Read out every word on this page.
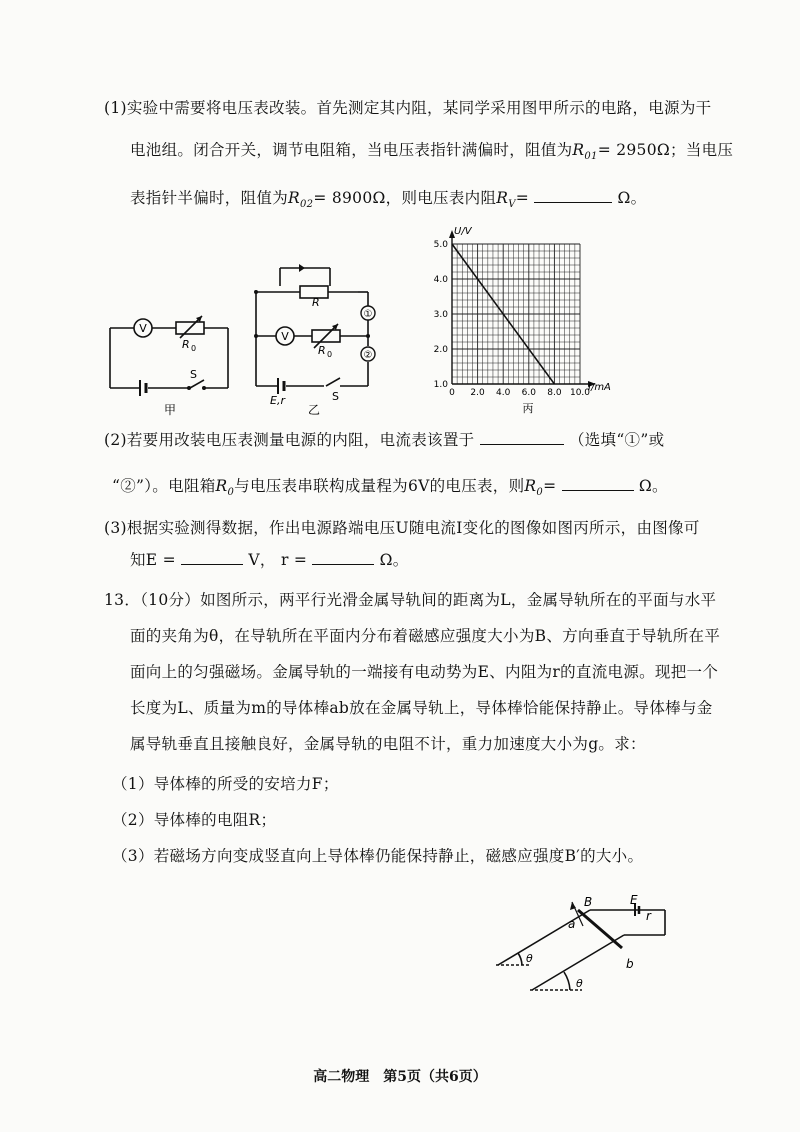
(1)实验中需要将电压表改装。首先测定其内阻，某同学采用图甲所示的电路，电源为干
电池组。闭合开关，调节电阻箱，当电压表指针满偏时，阻值为$R_{01}= 2950\Omega$；当电压
表指针半偏时，阻值为$R_{02}= 8900\Omega$，则电压表内阻$R_V=$	Ω。
V
R 0
S
甲
V
R
R 0
①
②
S
E,r
乙
0 2.0 4.0 6.0 8.0 10.0
1.0
2.0
3.0
4.0
5.0
U/V
I/mA
丙
(2)若要用改装电压表测量电源的内阻，电流表该置于	（选填“①”或
“②”）。电阻箱$R_0$与电压表串联构成量程为6V的电压表，则$R_0=$	Ω。
(3)根据实验测得数据，作出电源路端电压U随电流I变化的图像如图丙所示，由图像可
知E =	V， r =	Ω。
13．（10分）如图所示，两平行光滑金属导轨间的距离为L，金属导轨所在的平面与水平
面的夹角为θ，在导轨所在平面内分布着磁感应强度大小为B、方向垂直于导轨所在平
面向上的匀强磁场。金属导轨的一端接有电动势为E、内阻为r的直流电源。现把一个
长度为L、质量为m的导体棒ab放在金属导轨上，导体棒恰能保持静止。导体棒与金
属导轨垂直且接触良好，金属导轨的电阻不计，重力加速度大小为g。求：
（1）导体棒的所受的安培力F；
（2）导体棒的电阻R；
（3）若磁场方向变成竖直向上导体棒仍能保持静止，磁感应强度B′的大小。
a
b
B	E
r
θ
θ
高二物理　第5页（共6页）
